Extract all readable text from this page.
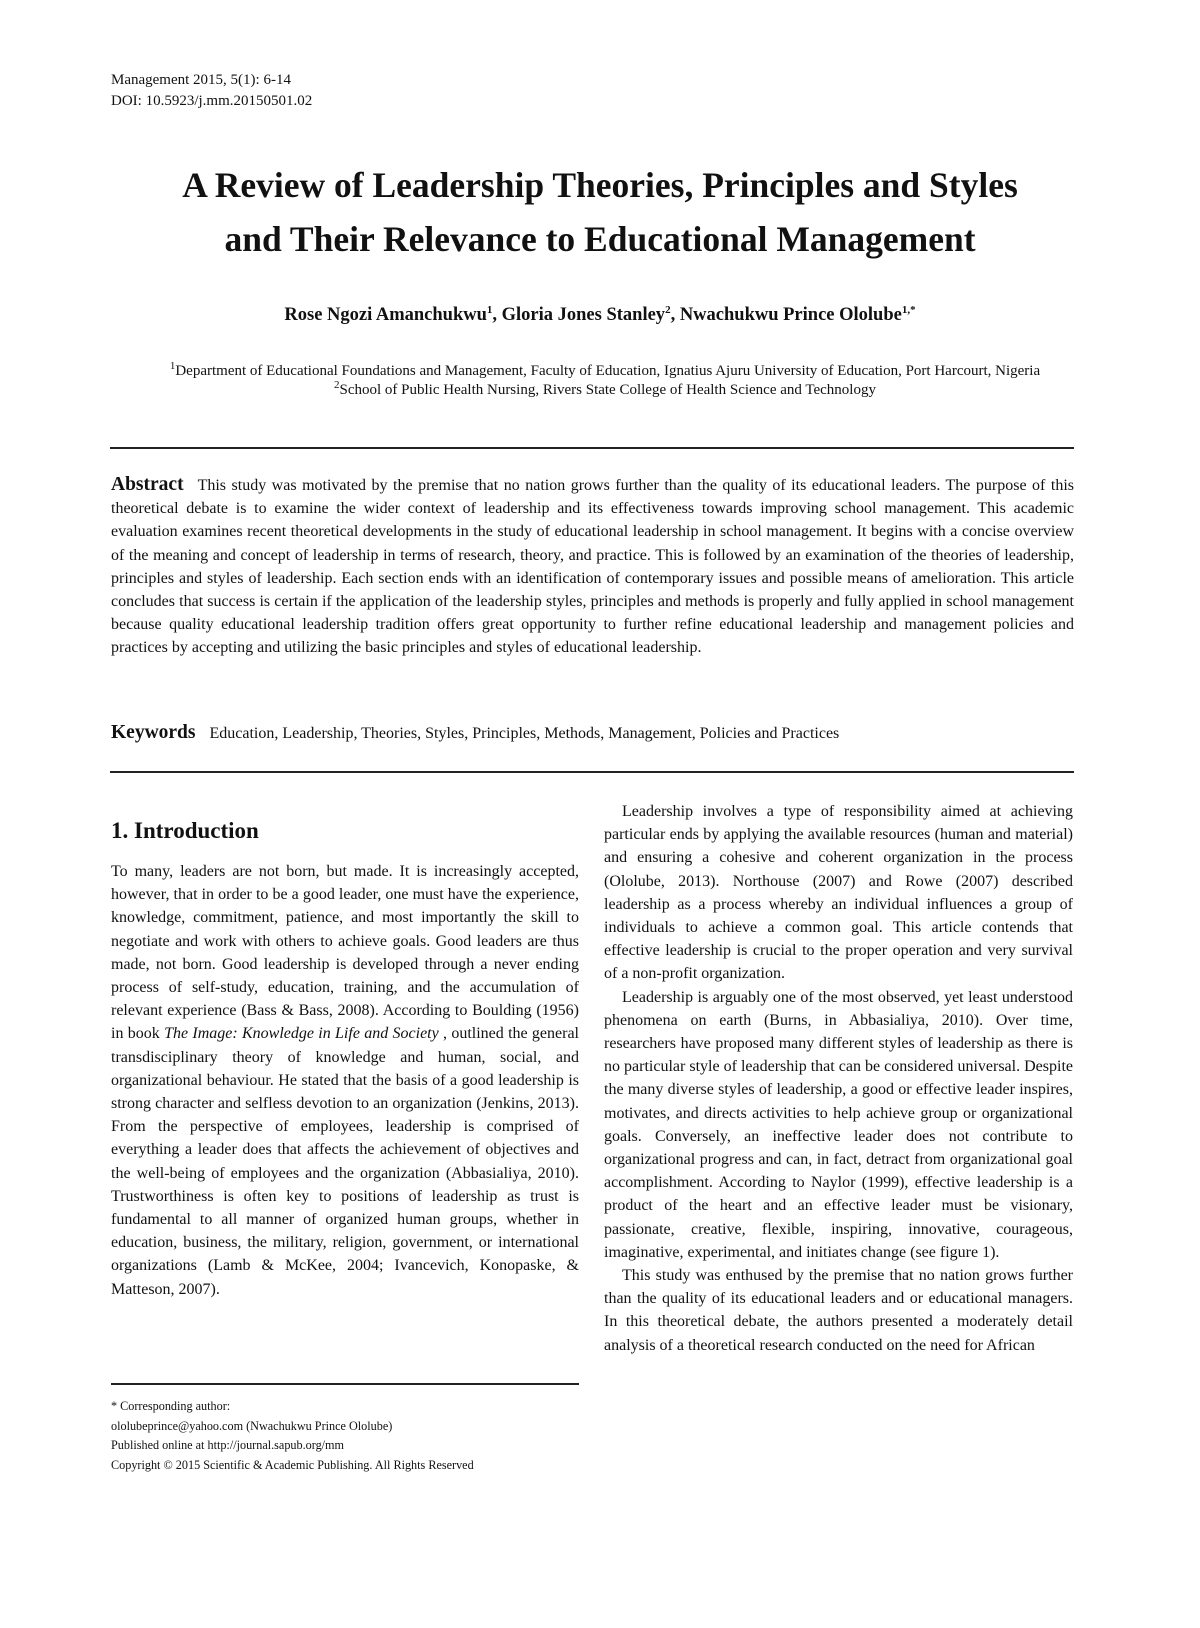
Management 2015, 5(1): 6-14
DOI: 10.5923/j.mm.20150501.02
A Review of Leadership Theories, Principles and Styles
and Their Relevance to Educational Management
Rose Ngozi Amanchukwu$^1$, Gloria Jones Stanley$^2$, Nwachukwu Prince Ololube$^{1,*}$
$^1$Department of Educational Foundations and Management, Faculty of Education, Ignatius Ajuru University of Education, Port Harcourt, Nigeria
$^2$School of Public Health Nursing, Rivers State College of Health Science and Technology
Abstract This study was motivated by the premise that no nation grows further than the quality of its educational leaders. The purpose of this theoretical debate is to examine the wider context of leadership and its effectiveness towards improving school management. This academic evaluation examines recent theoretical developments in the study of educational leadership in school management. It begins with a concise overview of the meaning and concept of leadership in terms of research, theory, and practice. This is followed by an examination of the theories of leadership, principles and styles of leadership. Each section ends with an identification of contemporary issues and possible means of amelioration. This article concludes that success is certain if the application of the leadership styles, principles and methods is properly and fully applied in school management because quality educational leadership tradition offers great opportunity to further refine educational leadership and management policies and practices by accepting and utilizing the basic principles and styles of educational leadership.
Keywords Education, Leadership, Theories, Styles, Principles, Methods, Management, Policies and Practices
1. Introduction

To many, leaders are not born, but made. It is increasingly accepted, however, that in order to be a good leader, one must have the experience, knowledge, commitment, patience, and most importantly the skill to negotiate and work with others to achieve goals. Good leaders are thus made, not born. Good leadership is developed through a never ending process of self-study, education, training, and the accumulation of relevant experience (Bass & Bass, 2008). According to Boulding (1956) in book The Image: Knowledge in Life and Society , outlined the general transdisciplinary theory of knowledge and human, social, and organizational behaviour. He stated that the basis of a good leadership is strong character and selfless devotion to an organization (Jenkins, 2013). From the perspective of employees, leadership is comprised of everything a leader does that affects the achievement of objectives and the well-being of employees and the organization (Abbasialiya, 2010). Trustworthiness is often key to positions of leadership as trust is fundamental to all manner of organized human groups, whether in education, business, the military, religion, government, or international organizations (Lamb & McKee, 2004; Ivancevich, Konopaske, & Matteson, 2007).

Leadership involves a type of responsibility aimed at achieving particular ends by applying the available resources (human and material) and ensuring a cohesive and coherent organization in the process (Ololube, 2013). Northouse (2007) and Rowe (2007) described leadership as a process whereby an individual influences a group of individuals to achieve a common goal. This article contends that effective leadership is crucial to the proper operation and very survival of a non-profit organization.

Leadership is arguably one of the most observed, yet least understood phenomena on earth (Burns, in Abbasialiya, 2010). Over time, researchers have proposed many different styles of leadership as there is no particular style of leadership that can be considered universal. Despite the many diverse styles of leadership, a good or effective leader inspires, motivates, and directs activities to help achieve group or organizational goals. Conversely, an ineffective leader does not contribute to organizational progress and can, in fact, detract from organizational goal accomplishment. According to Naylor (1999), effective leadership is a product of the heart and an effective leader must be visionary, passionate, creative, flexible, inspiring, innovative, courageous, imaginative, experimental, and initiates change (see figure 1).

This study was enthused by the premise that no nation grows further than the quality of its educational leaders and or educational managers. In this theoretical debate, the authors presented a moderately detail analysis of a theoretical research conducted on the need for African

* Corresponding author:
ololubeprince@yahoo.com (Nwachukwu Prince Ololube)
Published online at http://journal.sapub.org/mm
Copyright © 2015 Scientific & Academic Publishing. All Rights Reserved
